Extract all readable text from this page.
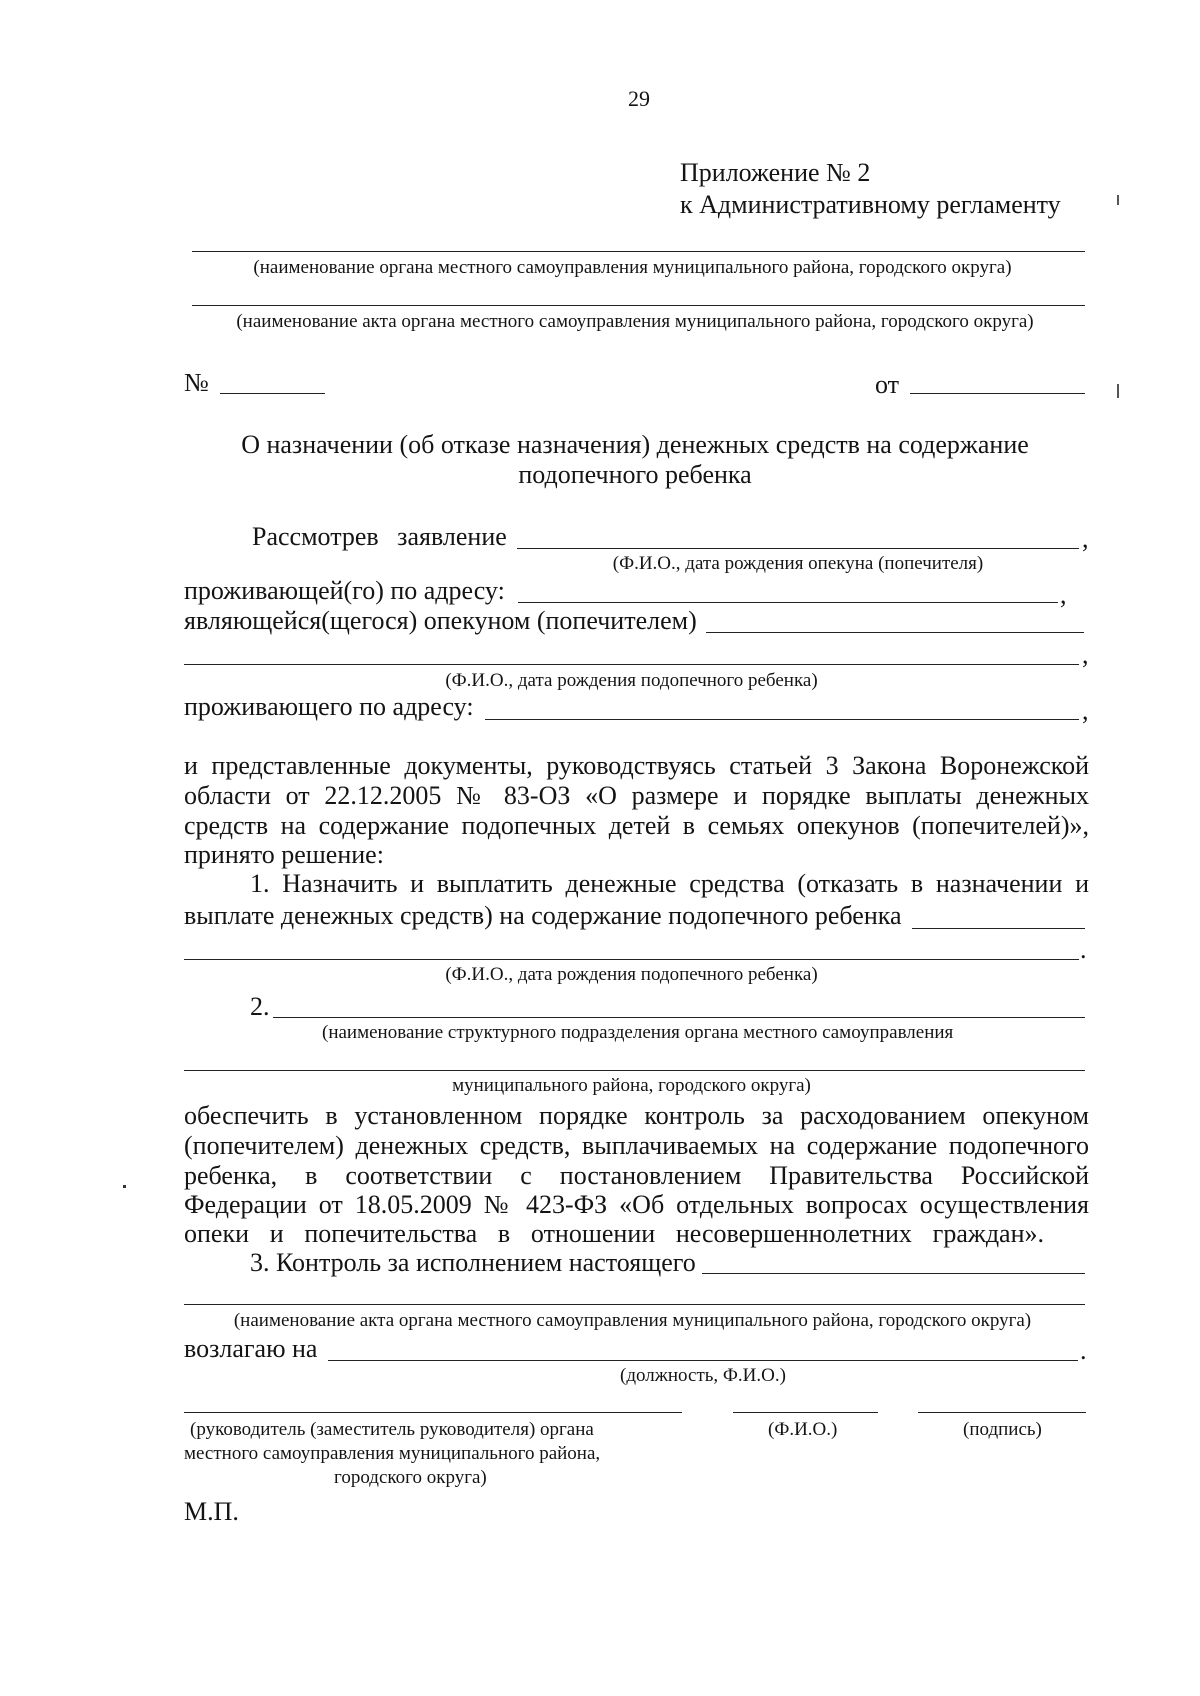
29
Приложение № 2
к Административному регламенту
(наименование органа местного самоуправления муниципального района, городского округа)
(наименование акта органа местного самоуправления муниципального района, городского округа)
№	от
О назначении (об отказе назначения) денежных средств на содержание
подопечного ребенка
Рассмотрев заявление	,
(Ф.И.О., дата рождения опекуна (попечителя)
проживающей(го) по адресу:	,
являющейся(щегося) опекуном (попечителем)
,
(Ф.И.О., дата рождения подопечного ребенка)
проживающего по адресу:	,
и представленные документы, руководствуясь статьей 3 Закона Воронежской
области от 22.12.2005 № 83-ОЗ «О размере и порядке выплаты денежных
средств на содержание подопечных детей в семьях опекунов (попечителей)»,
принято решение:
1. Назначить и выплатить денежные средства (отказать в назначении и
выплате денежных средств) на содержание подопечного ребенка
.
(Ф.И.О., дата рождения подопечного ребенка)
2.
(наименование структурного подразделения органа местного самоуправления
муниципального района, городского округа)
обеспечить в установленном порядке контроль за расходованием опекуном
(попечителем) денежных средств, выплачиваемых на содержание подопечного
ребенка, в соответствии с постановлением Правительства Российской
Федерации от 18.05.2009 № 423-ФЗ «Об отдельных вопросах осуществления
опеки и попечительства в отношении несовершеннолетних граждан».
3. Контроль за исполнением настоящего
(наименование акта органа местного самоуправления муниципального района, городского округа)
возлагаю на	.
(должность, Ф.И.О.)
(руководитель (заместитель руководителя) органа
местного самоуправления муниципального района,
городского округа)
(Ф.И.О.)	(подпись)
М.П.
